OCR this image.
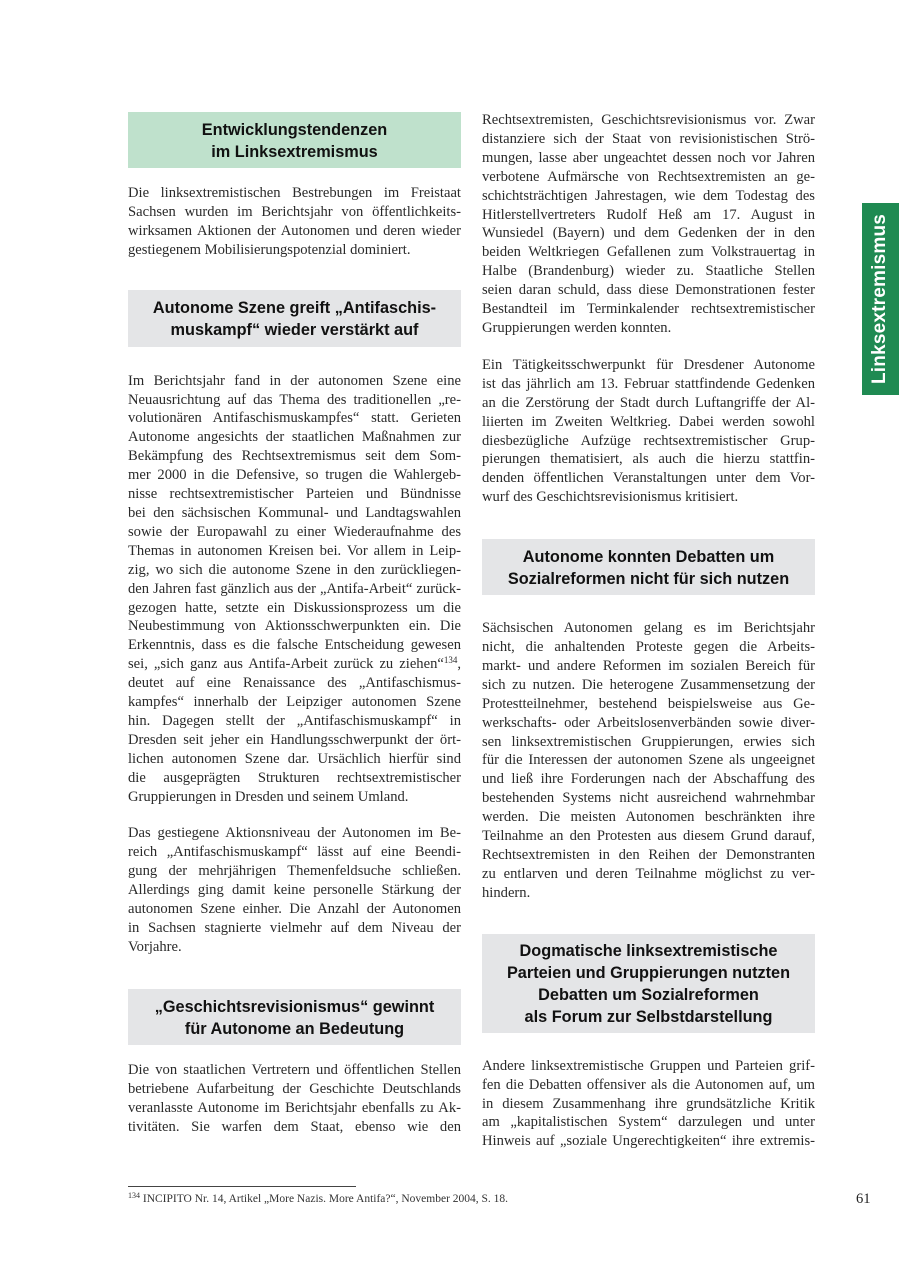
Linksextremismus
Entwicklungstendenzen
im Linksextremismus

Die linksextremistischen Bestrebungen im Freistaat
Sachsen wurden im Berichtsjahr von öffentlichkeits-
wirksamen Aktionen der Autonomen und deren wieder
gestiegenem Mobilisierungspotenzial dominiert.

Autonome Szene greift „Antifaschis-
muskampf“ wieder verstärkt auf

Im Berichtsjahr fand in der autonomen Szene eine
Neuausrichtung auf das Thema des traditionellen „re-
volutionären Antifaschismuskampfes“ statt. Gerieten
Autonome angesichts der staatlichen Maßnahmen zur
Bekämpfung des Rechtsextremismus seit dem Som-
mer 2000 in die Defensive, so trugen die Wahlergeb-
nisse rechtsextremistischer Parteien und Bündnisse
bei den sächsischen Kommunal- und Landtagswahlen
sowie der Europawahl zu einer Wiederaufnahme des
Themas in autonomen Kreisen bei. Vor allem in Leip-
zig, wo sich die autonome Szene in den zurückliegen-
den Jahren fast gänzlich aus der „Antifa-Arbeit“ zurück-
gezogen hatte, setzte ein Diskussionsprozess um die
Neubestimmung von Aktionsschwerpunkten ein. Die
Erkenntnis, dass es die falsche Entscheidung gewesen
sei, „sich ganz aus Antifa-Arbeit zurück zu ziehen“$^{134}$,
deutet auf eine Renaissance des „Antifaschismus-
kampfes“ innerhalb der Leipziger autonomen Szene
hin. Dagegen stellt der „Antifaschismuskampf“ in
Dresden seit jeher ein Handlungsschwerpunkt der ört-
lichen autonomen Szene dar. Ursächlich hierfür sind
die ausgeprägten Strukturen rechtsextremistischer
Gruppierungen in Dresden und seinem Umland.

Das gestiegene Aktionsniveau der Autonomen im Be-
reich „Antifaschismuskampf“ lässt auf eine Beendi-
gung der mehrjährigen Themenfeldsuche schließen.
Allerdings ging damit keine personelle Stärkung der
autonomen Szene einher. Die Anzahl der Autonomen
in Sachsen stagnierte vielmehr auf dem Niveau der
Vorjahre.

„Geschichtsrevisionismus“ gewinnt
für Autonome an Bedeutung

Die von staatlichen Vertretern und öffentlichen Stellen
betriebene Aufarbeitung der Geschichte Deutschlands
veranlasste Autonome im Berichtsjahr ebenfalls zu Ak-
tivitäten. Sie warfen dem Staat, ebenso wie den

Rechtsextremisten, Geschichtsrevisionismus vor. Zwar
distanziere sich der Staat von revisionistischen Strö-
mungen, lasse aber ungeachtet dessen noch vor Jahren
verbotene Aufmärsche von Rechtsextremisten an ge-
schichtsträchtigen Jahrestagen, wie dem Todestag des
Hitlerstellvertreters Rudolf Heß am 17. August in
Wunsiedel (Bayern) und dem Gedenken der in den
beiden Weltkriegen Gefallenen zum Volkstrauertag in
Halbe (Brandenburg) wieder zu. Staatliche Stellen
seien daran schuld, dass diese Demonstrationen fester
Bestandteil im Terminkalender rechtsextremistischer
Gruppierungen werden konnten.

Ein Tätigkeitsschwerpunkt für Dresdener Autonome
ist das jährlich am 13. Februar stattfindende Gedenken
an die Zerstörung der Stadt durch Luftangriffe der Al-
liierten im Zweiten Weltkrieg. Dabei werden sowohl
diesbezügliche Aufzüge rechtsextremistischer Grup-
pierungen thematisiert, als auch die hierzu stattfin-
denden öffentlichen Veranstaltungen unter dem Vor-
wurf des Geschichtsrevisionismus kritisiert.

Autonome konnten Debatten um
Sozialreformen nicht für sich nutzen

Sächsischen Autonomen gelang es im Berichtsjahr
nicht, die anhaltenden Proteste gegen die Arbeits-
markt- und andere Reformen im sozialen Bereich für
sich zu nutzen. Die heterogene Zusammensetzung der
Protestteilnehmer, bestehend beispielsweise aus Ge-
werkschafts- oder Arbeitslosenverbänden sowie diver-
sen linksextremistischen Gruppierungen, erwies sich
für die Interessen der autonomen Szene als ungeeignet
und ließ ihre Forderungen nach der Abschaffung des
bestehenden Systems nicht ausreichend wahrnehmbar
werden. Die meisten Autonomen beschränkten ihre
Teilnahme an den Protesten aus diesem Grund darauf,
Rechtsextremisten in den Reihen der Demonstranten
zu entlarven und deren Teilnahme möglichst zu ver-
hindern.

Dogmatische linksextremistische
Parteien und Gruppierungen nutzten
Debatten um Sozialreformen
als Forum zur Selbstdarstellung

Andere linksextremistische Gruppen und Parteien grif-
fen die Debatten offensiver als die Autonomen auf, um
in diesem Zusammenhang ihre grundsätzliche Kritik
am „kapitalistischen System“ darzulegen und unter
Hinweis auf „soziale Ungerechtigkeiten“ ihre extremis-

$^{134}$ INCIPITO Nr. 14, Artikel „More Nazis. More Antifa?“, November 2004, S. 18.	61
